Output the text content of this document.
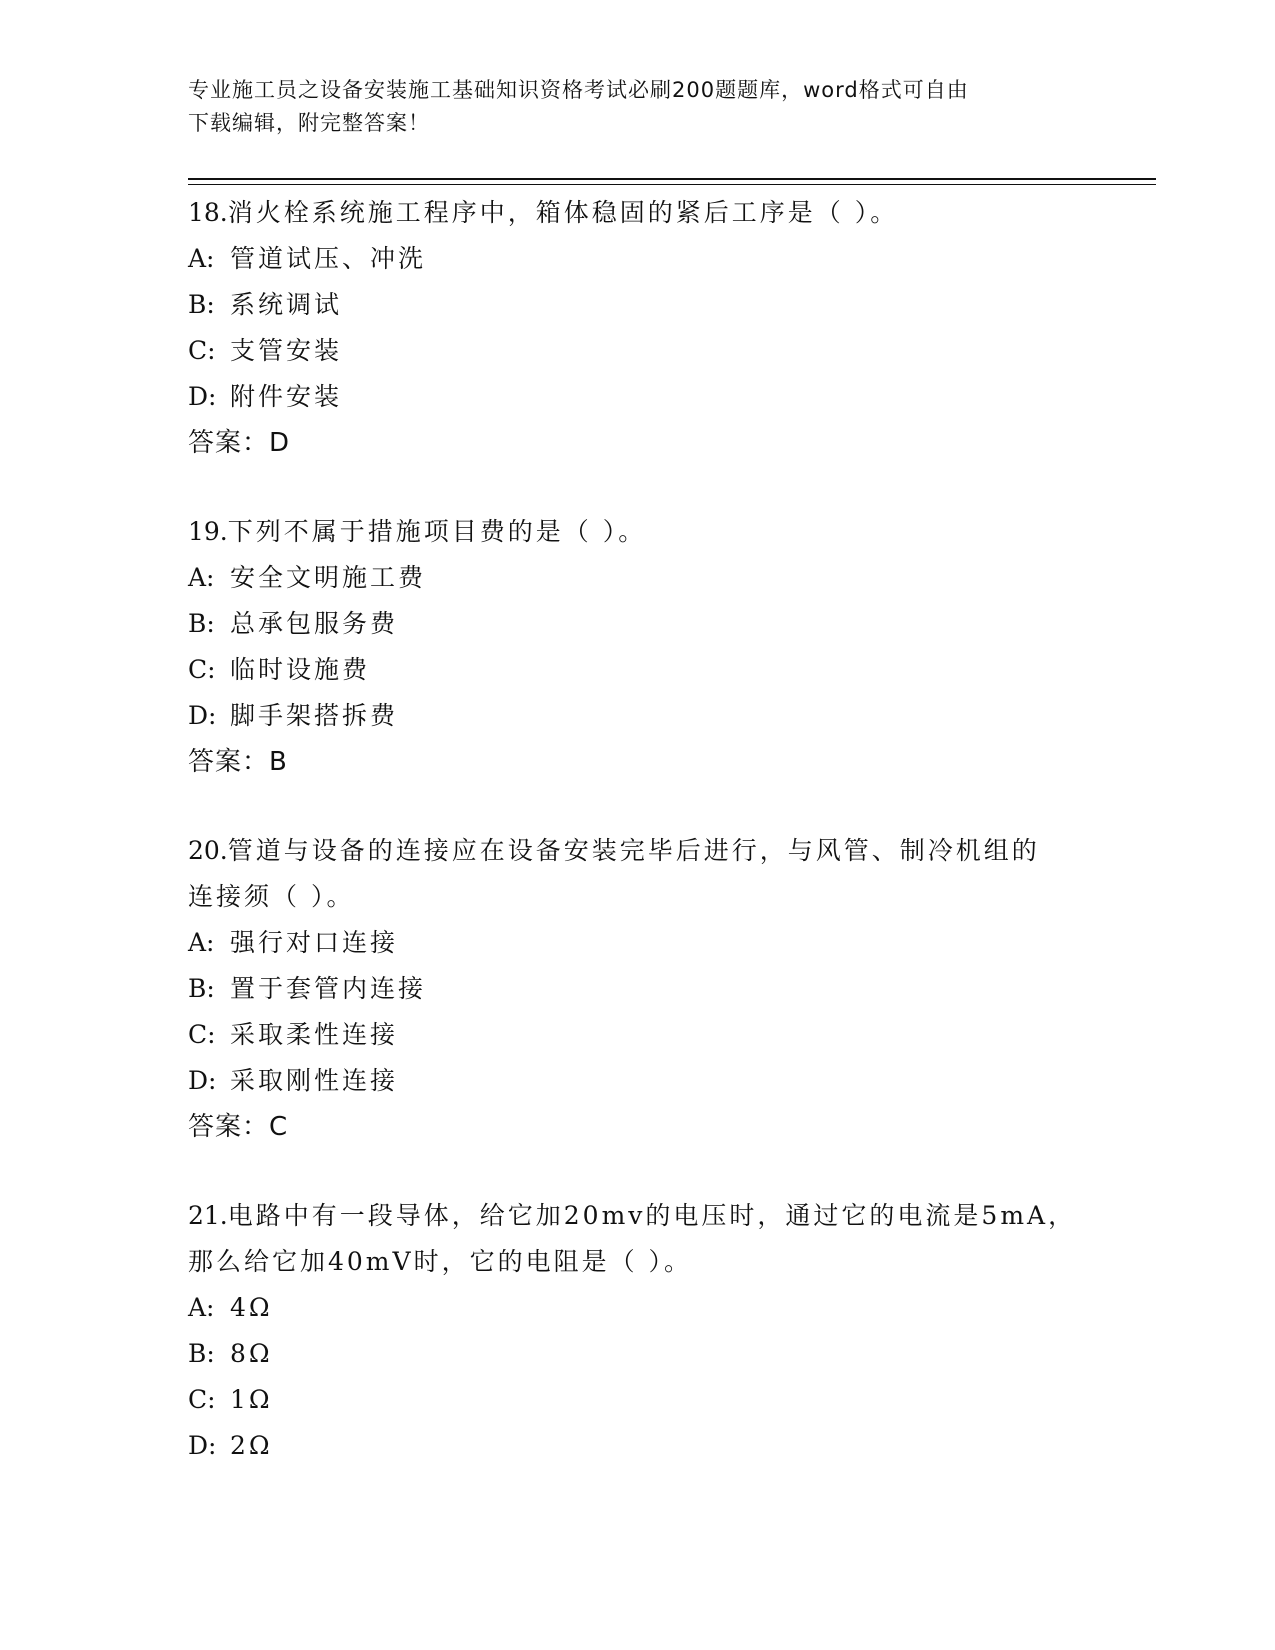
专业施工员之设备安装施工基础知识资格考试必刷200题题库，word格式可自由
下载编辑，附完整答案！
18.消火栓系统施工程序中，箱体稳固的紧后工序是（ ）。
A: 管道试压、冲洗
B: 系统调试
C: 支管安装
D: 附件安装
答案：D
19.下列不属于措施项目费的是（ ）。
A: 安全文明施工费
B: 总承包服务费
C: 临时设施费
D: 脚手架搭拆费
答案：B
20.管道与设备的连接应在设备安装完毕后进行，与风管、制冷机组的
连接须（ ）。
A: 强行对口连接
B: 置于套管内连接
C: 采取柔性连接
D: 采取刚性连接
答案：C
21.电路中有一段导体，给它加20mv的电压时，通过它的电流是5mA，
那么给它加40mV时，它的电阻是（ ）。
A: 4Ω
B: 8Ω
C: 1Ω
D: 2Ω
